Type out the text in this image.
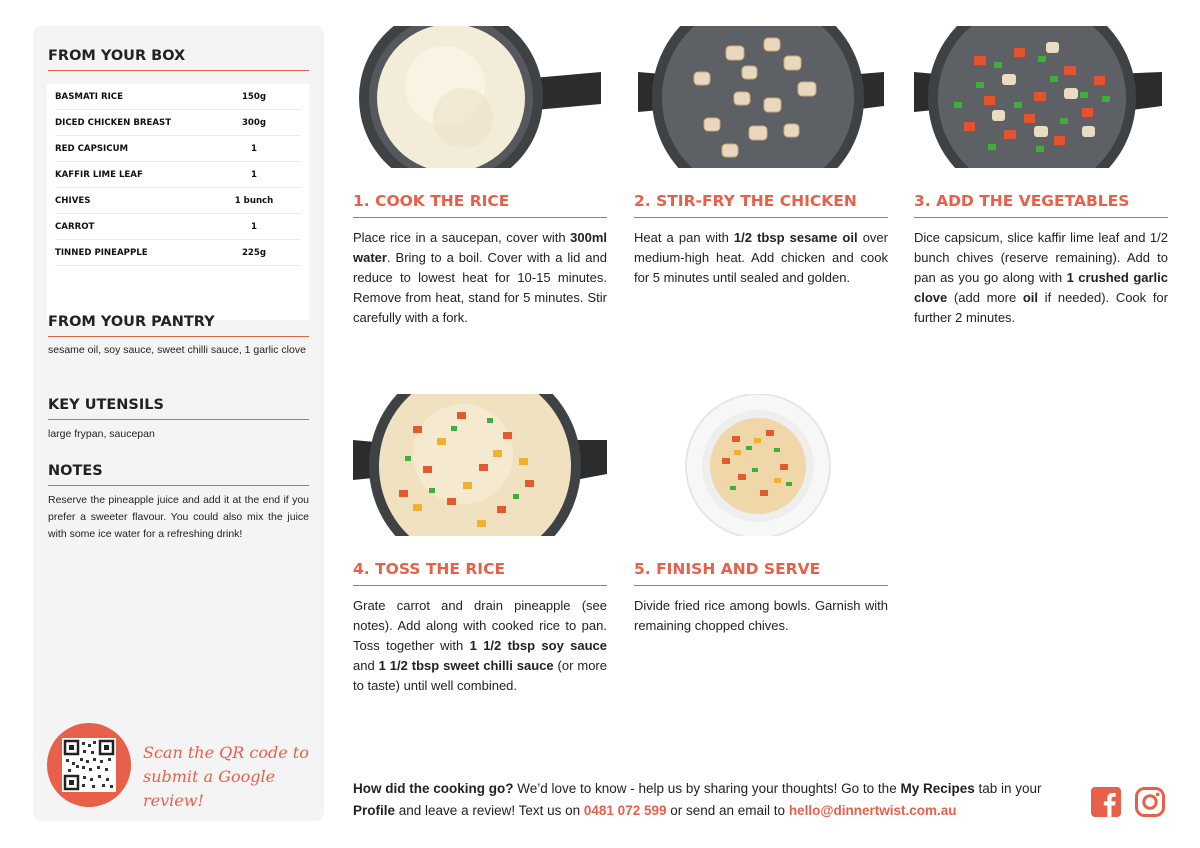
FROM YOUR BOX
BASMATI RICE	150g
DICED CHICKEN BREAST	300g
RED CAPSICUM	1
KAFFIR LIME LEAF	1
CHIVES	1 bunch
CARROT	1
TINNED PINEAPPLE	225g
FROM YOUR PANTRY
sesame oil, soy sauce, sweet chilli sauce, 1 garlic clove
KEY UTENSILS
large frypan, saucepan
NOTES
Reserve the pineapple juice and add it at the end if you prefer a sweeter flavour. You could also mix the juice with some ice water for a refreshing drink!
Scan the QR code to
submit a Google review!
1. COOK THE RICE
Place rice in a saucepan, cover with 300ml water. Bring to a boil. Cover with a lid and reduce to lowest heat for 10-15 minutes. Remove from heat, stand for 5 minutes. Stir carefully with a fork.
2. STIR-FRY THE CHICKEN
Heat a pan with 1/2 tbsp sesame oil over medium-high heat. Add chicken and cook for 5 minutes until sealed and golden.
3. ADD THE VEGETABLES
Dice capsicum, slice kaffir lime leaf and 1/2 bunch chives (reserve remaining). Add to pan as you go along with 1 crushed garlic clove (add more oil if needed). Cook for further 2 minutes.
4. TOSS THE RICE
Grate carrot and drain pineapple (see notes). Add along with cooked rice to pan. Toss together with 1 1/2 tbsp soy sauce and 1 1/2 tbsp sweet chilli sauce (or more to taste) until well combined.
5. FINISH AND SERVE
Divide fried rice among bowls. Garnish with remaining chopped chives.
How did the cooking go? We’d love to know - help us by sharing your thoughts! Go to the My Recipes tab in your Profile and leave a review! Text us on 0481 072 599 or send an email to hello@dinnertwist.com.au
